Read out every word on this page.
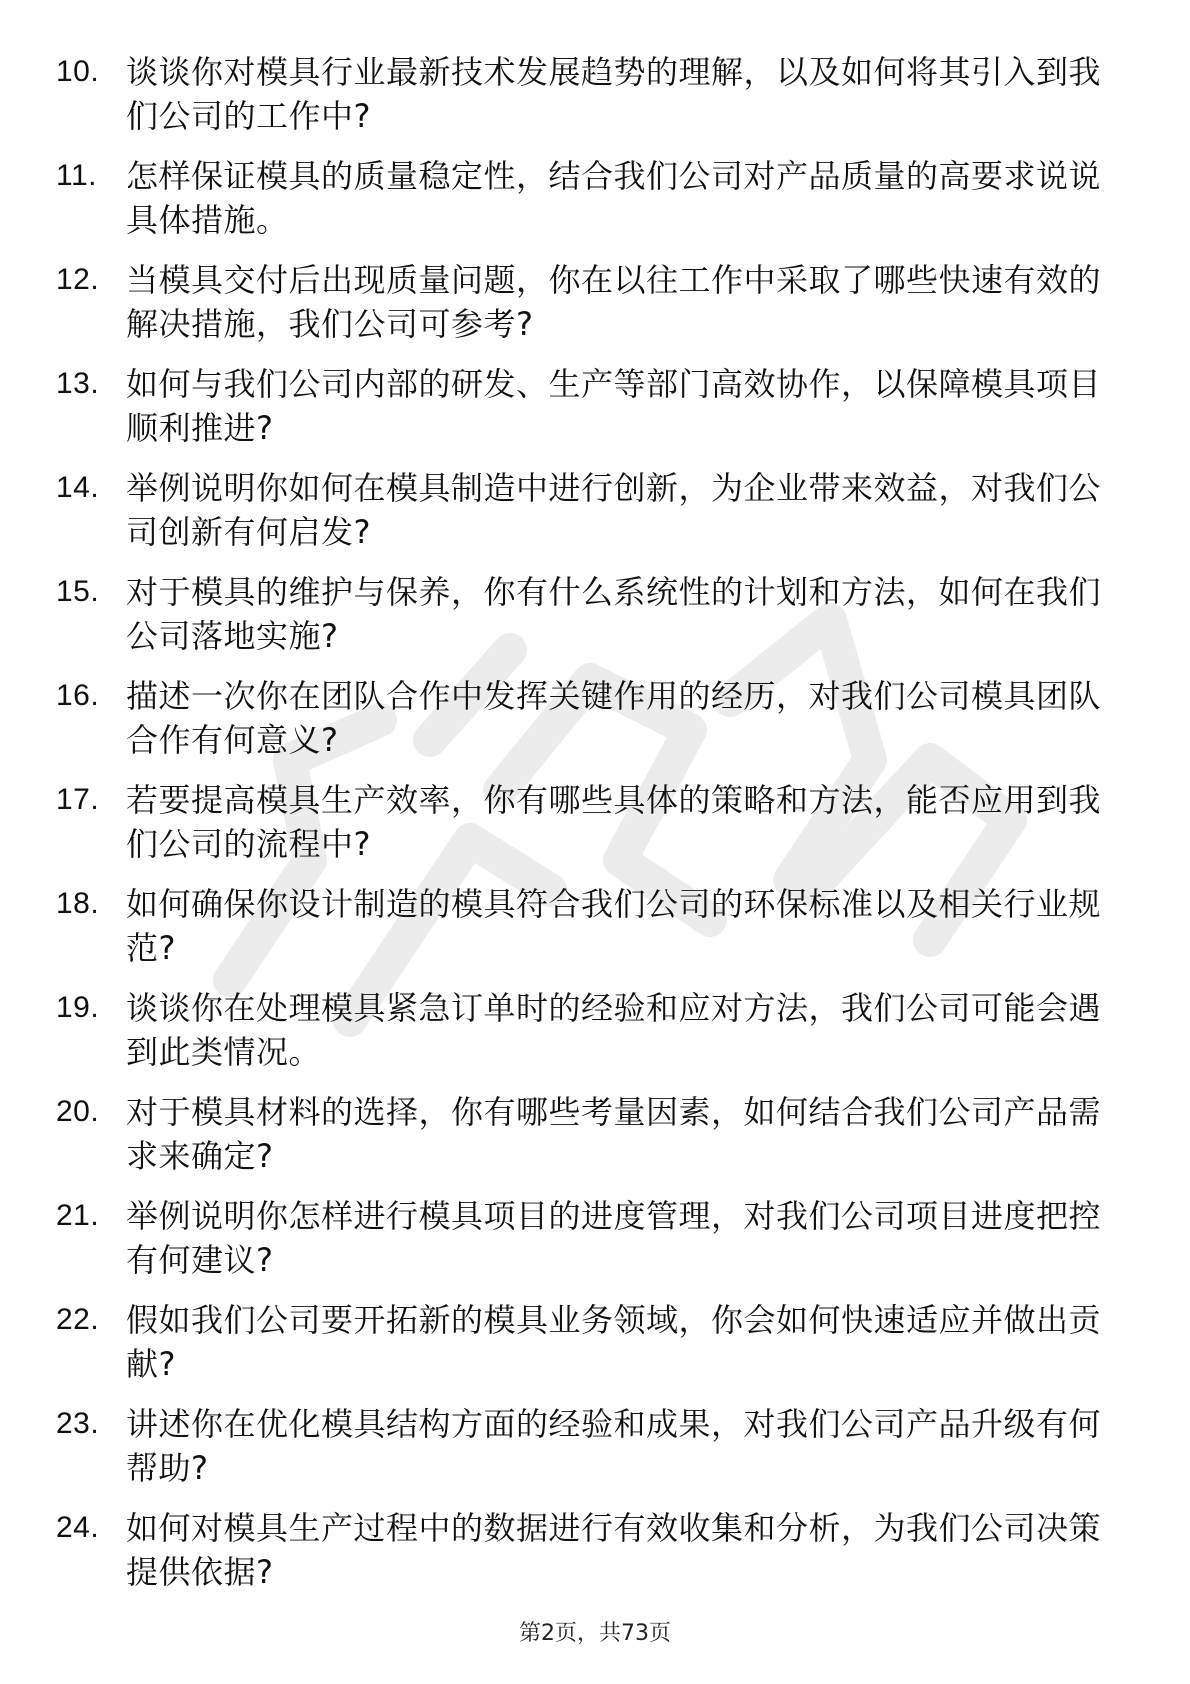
10. 谈谈你对模具行业最新技术发展趋势的理解，以及如何将其引入到我们公司的工作中?
11. 怎样保证模具的质量稳定性，结合我们公司对产品质量的高要求说说具体措施。
12. 当模具交付后出现质量问题，你在以往工作中采取了哪些快速有效的解决措施，我们公司可参考?
13. 如何与我们公司内部的研发、生产等部门高效协作，以保障模具项目顺利推进?
14. 举例说明你如何在模具制造中进行创新，为企业带来效益，对我们公司创新有何启发?
15. 对于模具的维护与保养，你有什么系统性的计划和方法，如何在我们公司落地实施?
16. 描述一次你在团队合作中发挥关键作用的经历，对我们公司模具团队合作有何意义?
17. 若要提高模具生产效率，你有哪些具体的策略和方法，能否应用到我们公司的流程中?
18. 如何确保你设计制造的模具符合我们公司的环保标准以及相关行业规范?
19. 谈谈你在处理模具紧急订单时的经验和应对方法，我们公司可能会遇到此类情况。
20. 对于模具材料的选择，你有哪些考量因素，如何结合我们公司产品需求来确定?
21. 举例说明你怎样进行模具项目的进度管理，对我们公司项目进度把控有何建议?
22. 假如我们公司要开拓新的模具业务领域，你会如何快速适应并做出贡献?
23. 讲述你在优化模具结构方面的经验和成果，对我们公司产品升级有何帮助?
24. 如何对模具生产过程中的数据进行有效收集和分析，为我们公司决策提供依据?
第2页，共73页
